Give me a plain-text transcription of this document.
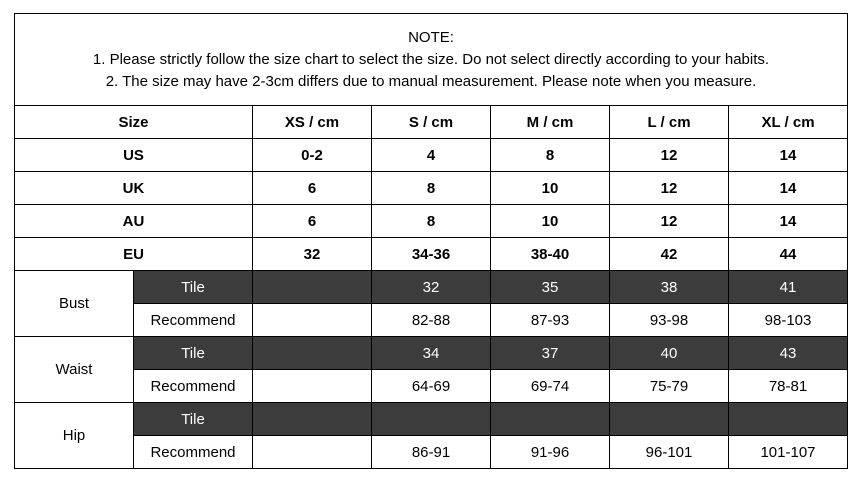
NOTE:
1. Please strictly follow the size chart to select the size. Do not select directly according to your habits.
2. The size may have 2-3cm differs due to manual measurement. Please note when you measure.						

Size		XS / cm	S / cm	M / cm	L / cm	XL / cm
US		0-2	4	8	12	14
UK		6	8	10	12	14
AU		6	8	10	12	14
EU		32	34-36	38-40	42	44
Bust	Tile		32	35	38	41
	Recommend		82-88	87-93	93-98	98-103
Waist	Tile		34	37	40	43
	Recommend		64-69	69-74	75-79	78-81
Hip	Tile					
	Recommend		86-91	91-96	96-101	101-107
